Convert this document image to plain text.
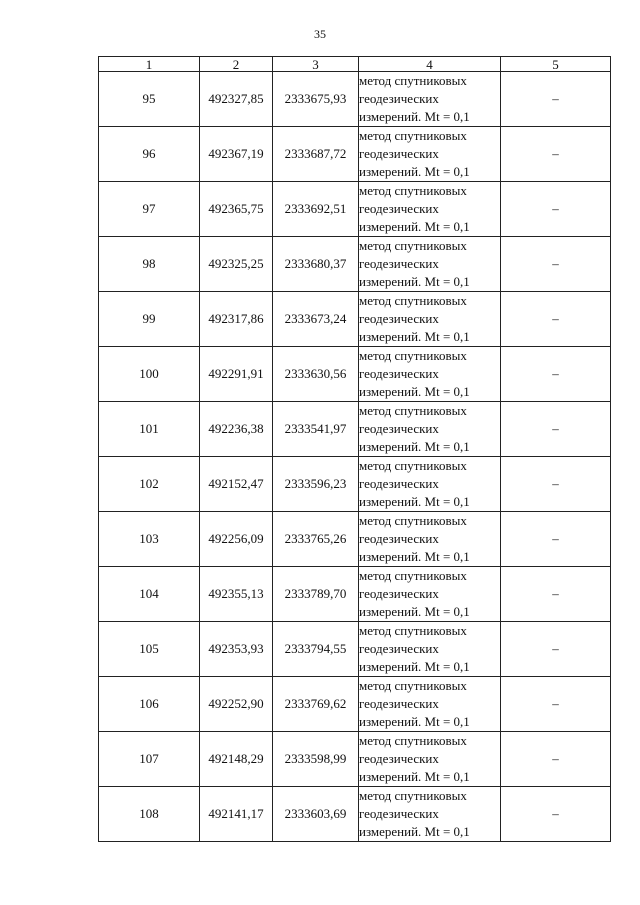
35
1	2	3	4	5
95	492327,85	2333675,93	метод спутниковых
геодезических
измерений. Mt = 0,1	–
96	492367,19	2333687,72	метод спутниковых
геодезических
измерений. Mt = 0,1	–
97	492365,75	2333692,51	метод спутниковых
геодезических
измерений. Mt = 0,1	–
98	492325,25	2333680,37	метод спутниковых
геодезических
измерений. Mt = 0,1	–
99	492317,86	2333673,24	метод спутниковых
геодезических
измерений. Mt = 0,1	–
100	492291,91	2333630,56	метод спутниковых
геодезических
измерений. Mt = 0,1	–
101	492236,38	2333541,97	метод спутниковых
геодезических
измерений. Mt = 0,1	–
102	492152,47	2333596,23	метод спутниковых
геодезических
измерений. Mt = 0,1	–
103	492256,09	2333765,26	метод спутниковых
геодезических
измерений. Mt = 0,1	–
104	492355,13	2333789,70	метод спутниковых
геодезических
измерений. Mt = 0,1	–
105	492353,93	2333794,55	метод спутниковых
геодезических
измерений. Mt = 0,1	–
106	492252,90	2333769,62	метод спутниковых
геодезических
измерений. Mt = 0,1	–
107	492148,29	2333598,99	метод спутниковых
геодезических
измерений. Mt = 0,1	–
108	492141,17	2333603,69	метод спутниковых
геодезических
измерений. Mt = 0,1	–
